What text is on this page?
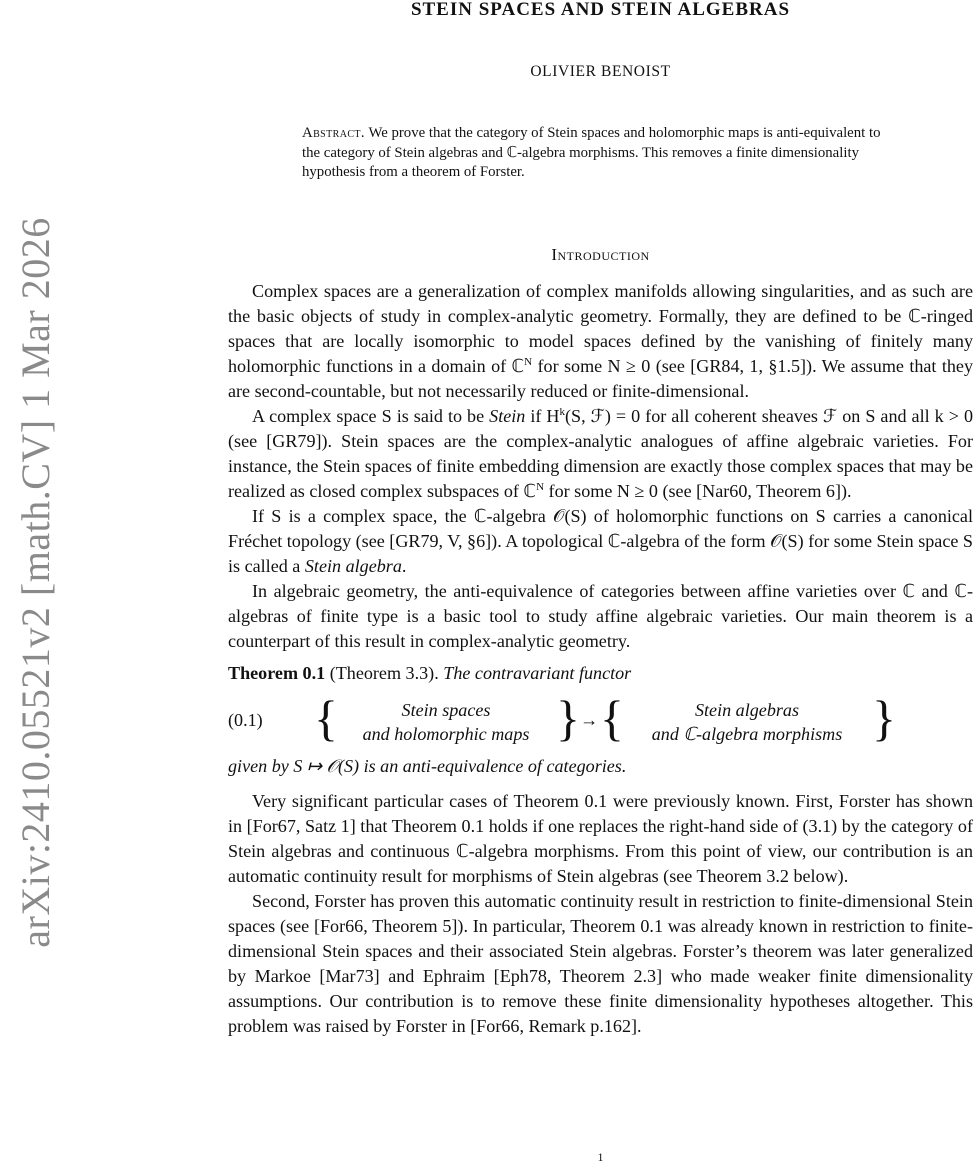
arXiv:2410.05521v2 [math.CV] 1 Mar 2026
STEIN SPACES AND STEIN ALGEBRAS
OLIVIER BENOIST
Abstract. We prove that the category of Stein spaces and holomorphic maps is anti-equivalent to the category of Stein algebras and ℂ-algebra morphisms. This removes a finite dimensionality hypothesis from a theorem of Forster.
Introduction

Complex spaces are a generalization of complex manifolds allowing singularities, and as such are the basic objects of study in complex-analytic geometry. Formally, they are defined to be ℂ-ringed spaces that are locally isomorphic to model spaces defined by the vanishing of finitely many holomorphic functions in a domain of ℂ$^N$ for some N ≥ 0 (see [GR84, 1, §1.5]). We assume that they are second-countable, but not necessarily reduced or finite-dimensional.

A complex space S is said to be Stein if $H^k(S$, ℱ) = 0 for all coherent sheaves ℱ on S and all k > 0 (see [GR79]). Stein spaces are the complex-analytic analogues of affine algebraic varieties. For instance, the Stein spaces of finite embedding dimension are exactly those complex spaces that may be realized as closed complex subspaces of ℂ$^N$ for some N ≥ 0 (see [Nar60, Theorem 6]).

If S is a complex space, the ℂ-algebra 𝒪(S) of holomorphic functions on S carries a canonical Fréchet topology (see [GR79, V, §6]). A topological ℂ-algebra of the form 𝒪(S) for some Stein space S is called a Stein algebra.

In algebraic geometry, the anti-equivalence of categories between affine varieties over ℂ and ℂ-algebras of finite type is a basic tool to study affine algebraic varieties. Our main theorem is a counterpart of this result in complex-analytic geometry.

Theorem 0.1 (Theorem 3.3). The contravariant functor
(0.1) {	Stein spaces
and holomorphic maps } → {	Stein algebras
and ℂ-algebra morphisms }
given by S ↦ 𝒪(S) is an anti-equivalence of categories.

Very significant particular cases of Theorem 0.1 were previously known. First, Forster has shown in [For67, Satz 1] that Theorem 0.1 holds if one replaces the right-hand side of (3.1) by the category of Stein algebras and continuous ℂ-algebra morphisms. From this point of view, our contribution is an automatic continuity result for morphisms of Stein algebras (see Theorem 3.2 below).

Second, Forster has proven this automatic continuity result in restriction to finite-dimensional Stein spaces (see [For66, Theorem 5]). In particular, Theorem 0.1 was already known in restriction to finite-dimensional Stein spaces and their associated Stein algebras. Forster’s theorem was later generalized by Markoe [Mar73] and Ephraim [Eph78, Theorem 2.3] who made weaker finite dimensionality assumptions. Our contribution is to remove these finite dimensionality hypotheses altogether. This problem was raised by Forster in [For66, Remark p.162].

1
